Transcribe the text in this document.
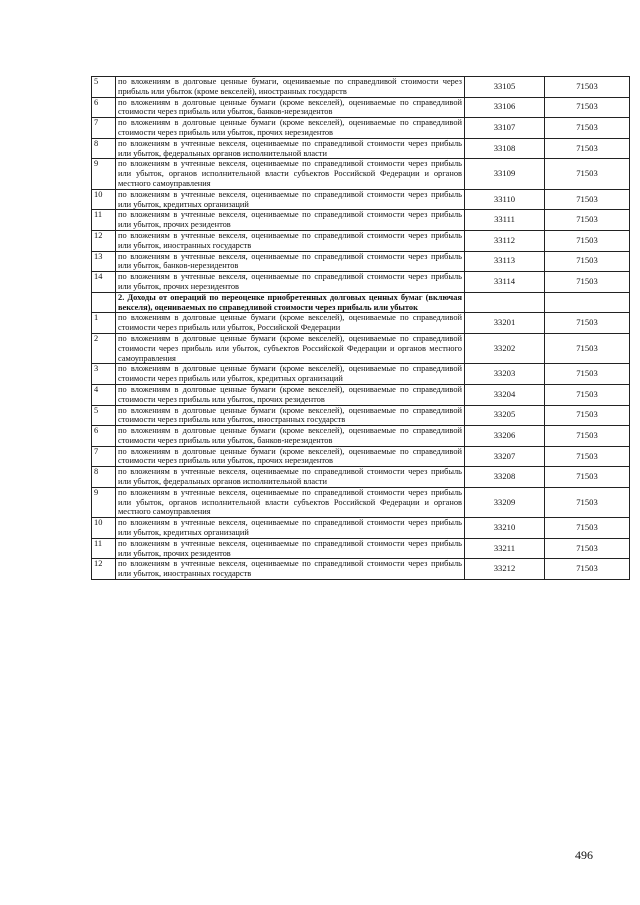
5	по вложениям в долговые ценные бумаги, оцениваемые по справедливой стоимости через прибыль или убыток (кроме векселей), иностранных государств	33105	71503
6	по вложениям в долговые ценные бумаги (кроме векселей), оцениваемые по справедливой стоимости через прибыль или убыток, банков-нерезидентов	33106	71503
7	по вложениям в долговые ценные бумаги (кроме векселей), оцениваемые по справедливой стоимости через прибыль или убыток, прочих нерезидентов	33107	71503
8	по вложениям в учтенные векселя, оцениваемые по справедливой стоимости через прибыль или убыток, федеральных органов исполнительной власти	33108	71503
9	по вложениям в учтенные векселя, оцениваемые по справедливой стоимости через прибыль или убыток, органов исполнительной власти субъектов Российской Федерации и органов местного самоуправления	33109	71503
10	по вложениям в учтенные векселя, оцениваемые по справедливой стоимости через прибыль или убыток, кредитных организаций	33110	71503
11	по вложениям в учтенные векселя, оцениваемые по справедливой стоимости через прибыль или убыток, прочих резидентов	33111	71503
12	по вложениям в учтенные векселя, оцениваемые по справедливой стоимости через прибыль или убыток, иностранных государств	33112	71503
13	по вложениям в учтенные векселя, оцениваемые по справедливой стоимости через прибыль или убыток, банков-нерезидентов	33113	71503
14	по вложениям в учтенные векселя, оцениваемые по справедливой стоимости через прибыль или убыток, прочих нерезидентов	33114	71503
	2. Доходы от операций по переоценке приобретенных долговых ценных бумаг (включая векселя), оцениваемых по справедливой стоимости через прибыль или убыток		
1	по вложениям в долговые ценные бумаги (кроме векселей), оцениваемые по справедливой стоимости через прибыль или убыток, Российской Федерации	33201	71503
2	по вложениям в долговые ценные бумаги (кроме векселей), оцениваемые по справедливой стоимости через прибыль или убыток, субъектов Российской Федерации и органов местного самоуправления	33202	71503
3	по вложениям в долговые ценные бумаги (кроме векселей), оцениваемые по справедливой стоимости через прибыль или убыток, кредитных организаций	33203	71503
4	по вложениям в долговые ценные бумаги (кроме векселей), оцениваемые по справедливой стоимости через прибыль или убыток, прочих резидентов	33204	71503
5	по вложениям в долговые ценные бумаги (кроме векселей), оцениваемые по справедливой стоимости через прибыль или убыток, иностранных государств	33205	71503
6	по вложениям в долговые ценные бумаги (кроме векселей), оцениваемые по справедливой стоимости через прибыль или убыток, банков-нерезидентов	33206	71503
7	по вложениям в долговые ценные бумаги (кроме векселей), оцениваемые по справедливой стоимости через прибыль или убыток, прочих нерезидентов	33207	71503
8	по вложениям в учтенные векселя, оцениваемые по справедливой стоимости через прибыль или убыток, федеральных органов исполнительной власти	33208	71503
9	по вложениям в учтенные векселя, оцениваемые по справедливой стоимости через прибыль или убыток, органов исполнительной власти субъектов Российской Федерации и органов местного самоуправления	33209	71503
10	по вложениям в учтенные векселя, оцениваемые по справедливой стоимости через прибыль или убыток, кредитных организаций	33210	71503
11	по вложениям в учтенные векселя, оцениваемые по справедливой стоимости через прибыль или убыток, прочих резидентов	33211	71503
12	по вложениям в учтенные векселя, оцениваемые по справедливой стоимости через прибыль или убыток, иностранных государств	33212	71503
496
